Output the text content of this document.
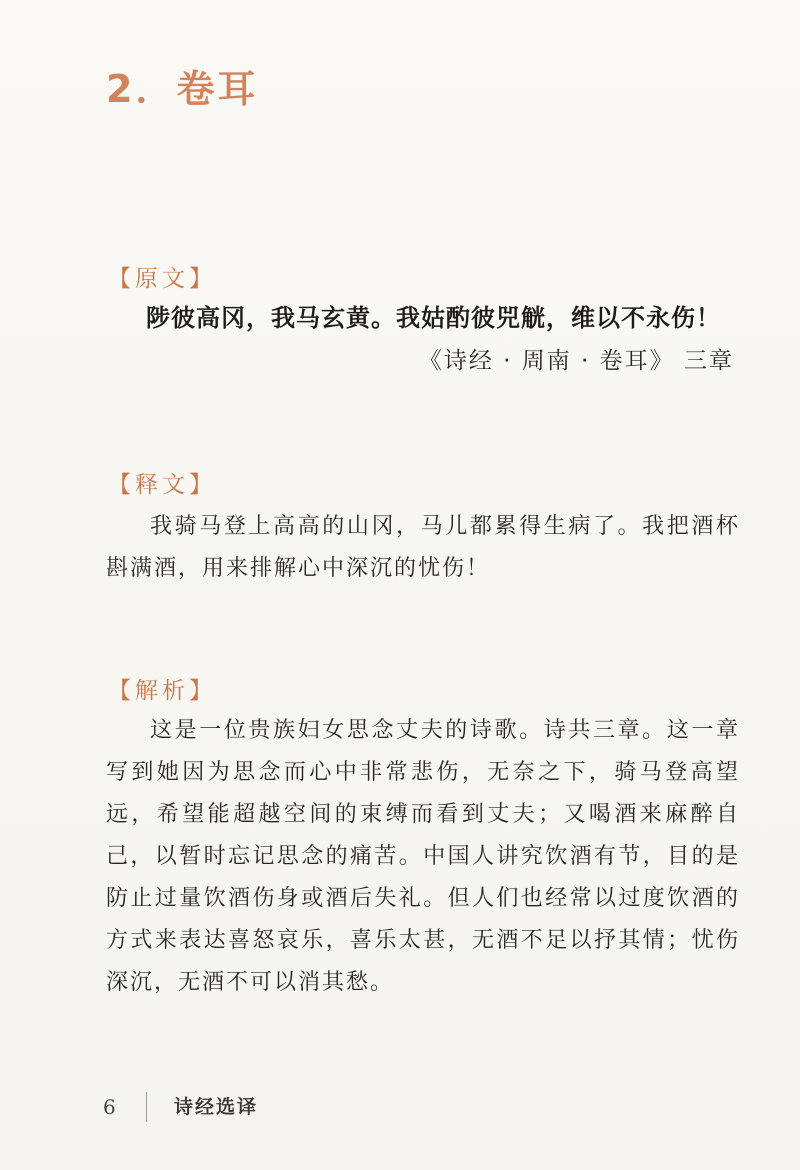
2．卷耳
【原文】
陟彼高冈，我马玄黄。我姑酌彼兕觥，维以不永伤！
《诗经 · 周南 · 卷耳》 三章
【释文】

我骑马登上高高的山冈，马儿都累得生病了。我把酒杯斟满酒，用来排解心中深沉的忧伤！

【解析】

这是一位贵族妇女思念丈夫的诗歌。诗共三章。这一章写到她因为思念而心中非常悲伤，无奈之下，骑马登高望远，希望能超越空间的束缚而看到丈夫；又喝酒来麻醉自己，以暂时忘记思念的痛苦。中国人讲究饮酒有节，目的是防止过量饮酒伤身或酒后失礼。但人们也经常以过度饮酒的方式来表达喜怒哀乐，喜乐太甚，无酒不足以抒其情；忧伤深沉，无酒不可以消其愁。

6	诗经选译
